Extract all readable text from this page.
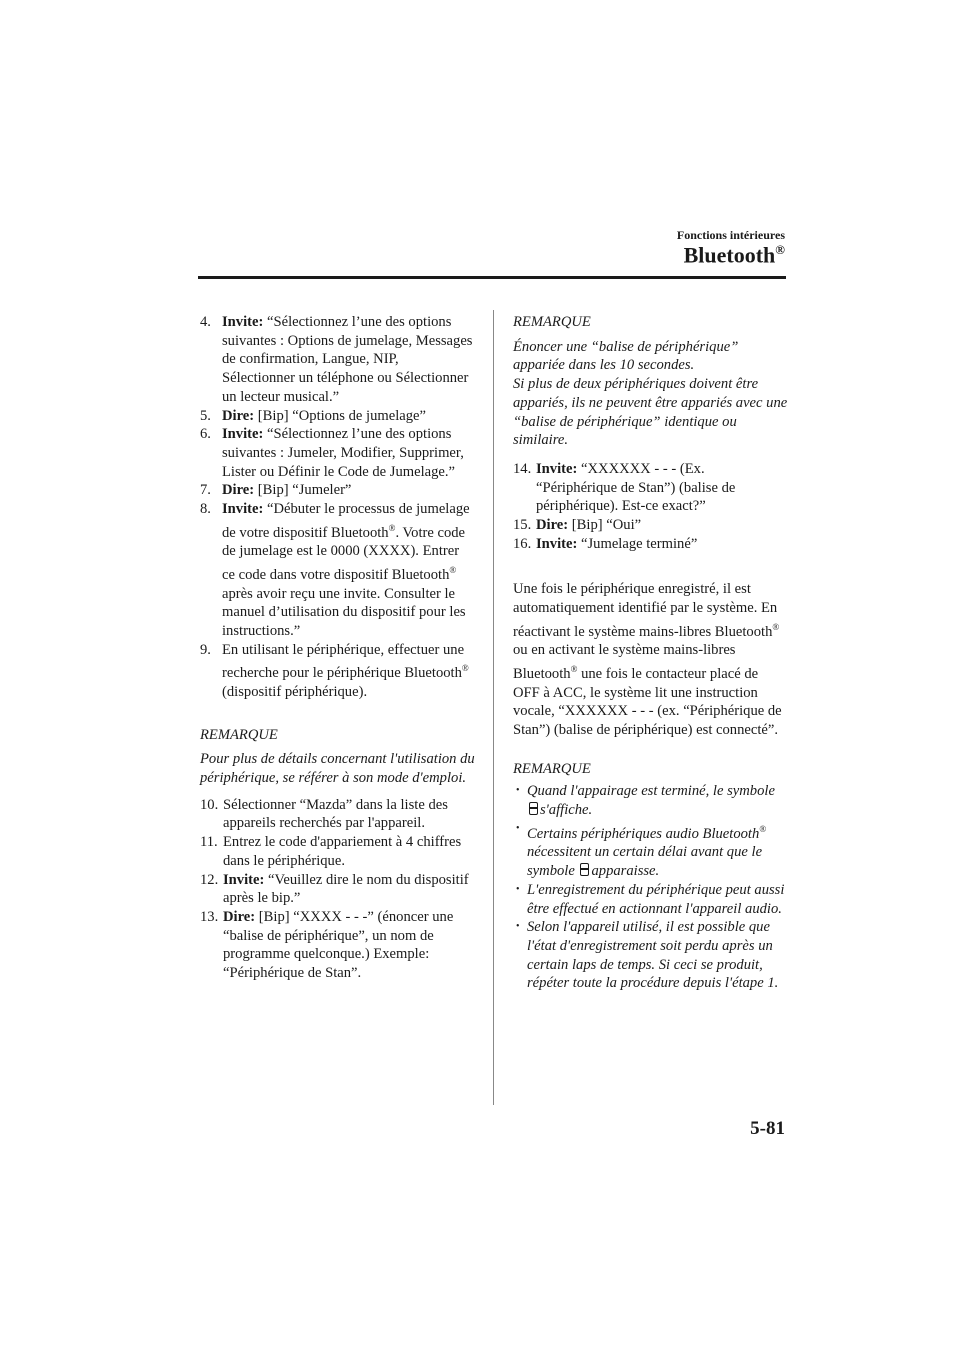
Fonctions intérieures
Bluetooth®
4. Invite: “Sélectionnez l’une des options suivantes : Options de jumelage, Messages de confirmation, Langue, NIP, Sélectionner un téléphone ou Sélectionner un lecteur musical.”
5. Dire: [Bip] “Options de jumelage”
6. Invite: “Sélectionnez l’une des options suivantes : Jumeler, Modifier, Supprimer, Lister ou Définir le Code de Jumelage.”
7. Dire: [Bip] “Jumeler”
8. Invite: “Débuter le processus de jumelage de votre dispositif Bluetooth®. Votre code de jumelage est le 0000 (XXXX). Entrer ce code dans votre dispositif Bluetooth® après avoir reçu une invite. Consulter le manuel d’utilisation du dispositif pour les instructions.”
9. En utilisant le périphérique, effectuer une recherche pour le périphérique Bluetooth® (dispositif périphérique).
REMARQUE
Pour plus de détails concernant l'utilisation du périphérique, se référer à son mode d'emploi.
10. Sélectionner “Mazda” dans la liste des appareils recherchés par l'appareil.
11. Entrez le code d'appariement à 4 chiffres dans le périphérique.
12. Invite: “Veuillez dire le nom du dispositif après le bip.”
13. Dire: [Bip] “XXXX - - -” (énoncer une “balise de périphérique”, un nom de programme quelconque.) Exemple: “Périphérique de Stan”.
REMARQUE
Énoncer une “balise de périphérique” appariée dans les 10 secondes.
Si plus de deux périphériques doivent être appariés, ils ne peuvent être appariés avec une “balise de périphérique” identique ou similaire.
14. Invite: “XXXXXX - - - (Ex. “Périphérique de Stan”) (balise de périphérique). Est-ce exact?”
15. Dire: [Bip] “Oui”
16. Invite: “Jumelage terminé”
Une fois le périphérique enregistré, il est automatiquement identifié par le système. En réactivant le système mains-libres Bluetooth® ou en activant le système mains-libres Bluetooth® une fois le contacteur placé de OFF à ACC, le système lit une instruction vocale, “XXXXXX - - - (ex. “Périphérique de Stan”) (balise de périphérique) est connecté”.
REMARQUE
• Quand l'appairage est terminé, le symbole s'affiche.
• Certains périphériques audio Bluetooth® nécessitent un certain délai avant que le symbole apparaisse.
• L'enregistrement du périphérique peut aussi être effectué en actionnant l'appareil audio.
• Selon l'appareil utilisé, il est possible que l'état d'enregistrement soit perdu après un certain laps de temps. Si ceci se produit, répéter toute la procédure depuis l'étape 1.
5-81
